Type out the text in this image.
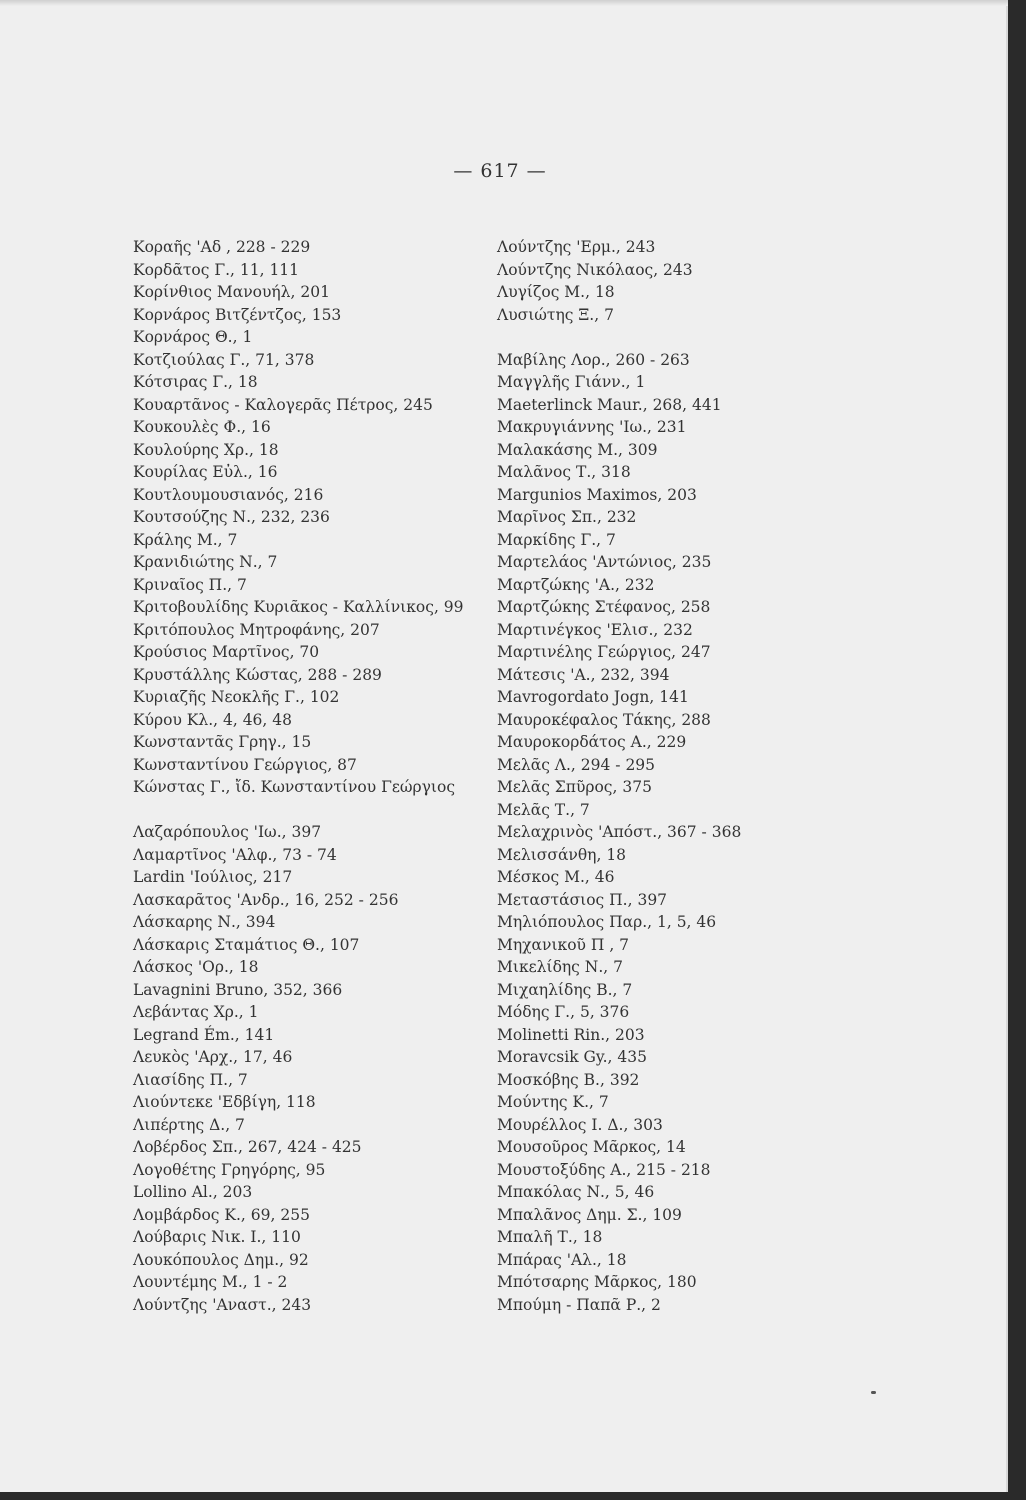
— 617 —
Κοραῆς 'Αδ , 228 - 229
Κορδᾶτος Γ., 11, 111
Κορίνθιος Μανουήλ, 201
Κορνάρος Βιτζέντζος, 153
Κορνάρος Θ., 1
Κοτζιούλας Γ., 71, 378
Κότσιρας Γ., 18
Κουαρτᾶνος - Καλογερᾶς Πέτρος, 245
Κουκουλὲς Φ., 16
Κουλούρης Χρ., 18
Κουρίλας Εὐλ., 16
Κουτλουμουσιανός, 216
Κουτσούζης Ν., 232, 236
Κράλης Μ., 7
Κρανιδιώτης Ν., 7
Κριναῖος Π., 7
Κριτοβουλίδης Κυριᾶκος - Καλλίνικος, 99
Κριτόπουλος Μητροφάνης, 207
Κρούσιος Μαρτῖνος, 70
Κρυστάλλης Κώστας, 288 - 289
Κυριαζῆς Νεοκλῆς Γ., 102
Κύρου Κλ., 4, 46, 48
Κωνσταντᾶς Γρηγ., 15
Κωνσταντίνου Γεώργιος, 87
Κώνστας Γ., ἴδ. Κωνσταντίνου Γεώργιος
Λαζαρόπουλος 'Ιω., 397
Λαμαρτῖνος 'Αλφ., 73 - 74
Lardin 'Ιούλιος, 217
Λασκαρᾶτος 'Ανδρ., 16, 252 - 256
Λάσκαρης Ν., 394
Λάσκαρις Σταμάτιος Θ., 107
Λάσκος 'Ορ., 18
Lavagnini Bruno, 352, 366
Λεβάντας Χρ., 1
Legrand Ém., 141
Λευκὸς 'Αρχ., 17, 46
Λιασίδης Π., 7
Λιούντεκε 'Εδβίγη, 118
Λιπέρτης Δ., 7
Λοβέρδος Σπ., 267, 424 - 425
Λογοθέτης Γρηγόρης, 95
Lollino Al., 203
Λομβάρδος Κ., 69, 255
Λούβαρις Νικ. Ι., 110
Λουκόπουλος Δημ., 92
Λουντέμης Μ., 1 - 2
Λούντζης 'Αναστ., 243
Λούντζης 'Ερμ., 243
Λούντζης Νικόλαος, 243
Λυγίζος Μ., 18
Λυσιώτης Ξ., 7
Μαβίλης Λορ., 260 - 263
Μαγγλῆς Γιάνν., 1
Maeterlinck Maur., 268, 441
Μακρυγιάννης 'Ιω., 231
Μαλακάσης Μ., 309
Μαλᾶνος Τ., 318
Margunios Maximos, 203
Μαρῖνος Σπ., 232
Μαρκίδης Γ., 7
Μαρτελάος 'Αντώνιος, 235
Μαρτζώκης 'Α., 232
Μαρτζώκης Στέφανος, 258
Μαρτινέγκος 'Ελισ., 232
Μαρτινέλης Γεώργιος, 247
Μάτεσις 'Α., 232, 394
Mavrogordato Jogn, 141
Μαυροκέφαλος Τάκης, 288
Μαυροκορδάτος Α., 229
Μελᾶς Λ., 294 - 295
Μελᾶς Σπῦρος, 375
Μελᾶς Τ., 7
Μελαχρινὸς 'Απόστ., 367 - 368
Μελισσάνθη, 18
Μέσκος Μ., 46
Μεταστάσιος Π., 397
Μηλιόπουλος Παρ., 1, 5, 46
Μηχανικοῦ Π , 7
Μικελίδης Ν., 7
Μιχαηλίδης Β., 7
Μόδης Γ., 5, 376
Molinetti Rin., 203
Moravcsik Gy., 435
Μοσκόβης Β., 392
Μούντης Κ., 7
Μουρέλλος Ι. Δ., 303
Μουσοῦρος Μᾶρκος, 14
Μουστοξύδης Α., 215 - 218
Μπακόλας Ν., 5, 46
Μπαλᾶνος Δημ. Σ., 109
Μπαλῆ Τ., 18
Μπάρας 'Αλ., 18
Μπότσαρης Μᾶρκος, 180
Μπούμη - Παπᾶ Ρ., 2
